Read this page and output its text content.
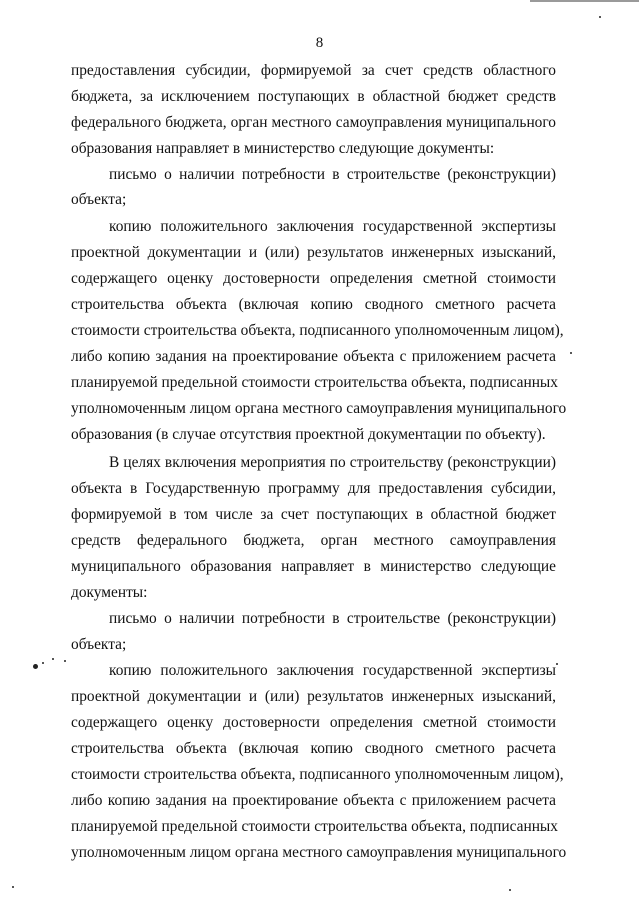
8
предоставления субсидии, формируемой за счет средств областного
бюджета, за исключением поступающих в областной бюджет средств
федерального бюджета, орган местного самоуправления муниципального
образования направляет в министерство следующие документы:
письмо о наличии потребности в строительстве (реконструкции)
объекта;
копию положительного заключения государственной экспертизы
проектной документации и (или) результатов инженерных изысканий,
содержащего оценку достоверности определения сметной стоимости
строительства объекта (включая копию сводного сметного расчета
стоимости строительства объекта, подписанного уполномоченным лицом),
либо копию задания на проектирование объекта с приложением расчета
планируемой предельной стоимости строительства объекта, подписанных
уполномоченным лицом органа местного самоуправления муниципального
образования (в случае отсутствия проектной документации по объекту).
В целях включения мероприятия по строительству (реконструкции)
объекта в Государственную программу для предоставления субсидии,
формируемой в том числе за счет поступающих в областной бюджет
средств федерального бюджета, орган местного самоуправления
муниципального образования направляет в министерство следующие
документы:
письмо о наличии потребности в строительстве (реконструкции)
объекта;
копию положительного заключения государственной экспертизы
проектной документации и (или) результатов инженерных изысканий,
содержащего оценку достоверности определения сметной стоимости
строительства объекта (включая копию сводного сметного расчета
стоимости строительства объекта, подписанного уполномоченным лицом),
либо копию задания на проектирование объекта с приложением расчета
планируемой предельной стоимости строительства объекта, подписанных
уполномоченным лицом органа местного самоуправления муниципального
